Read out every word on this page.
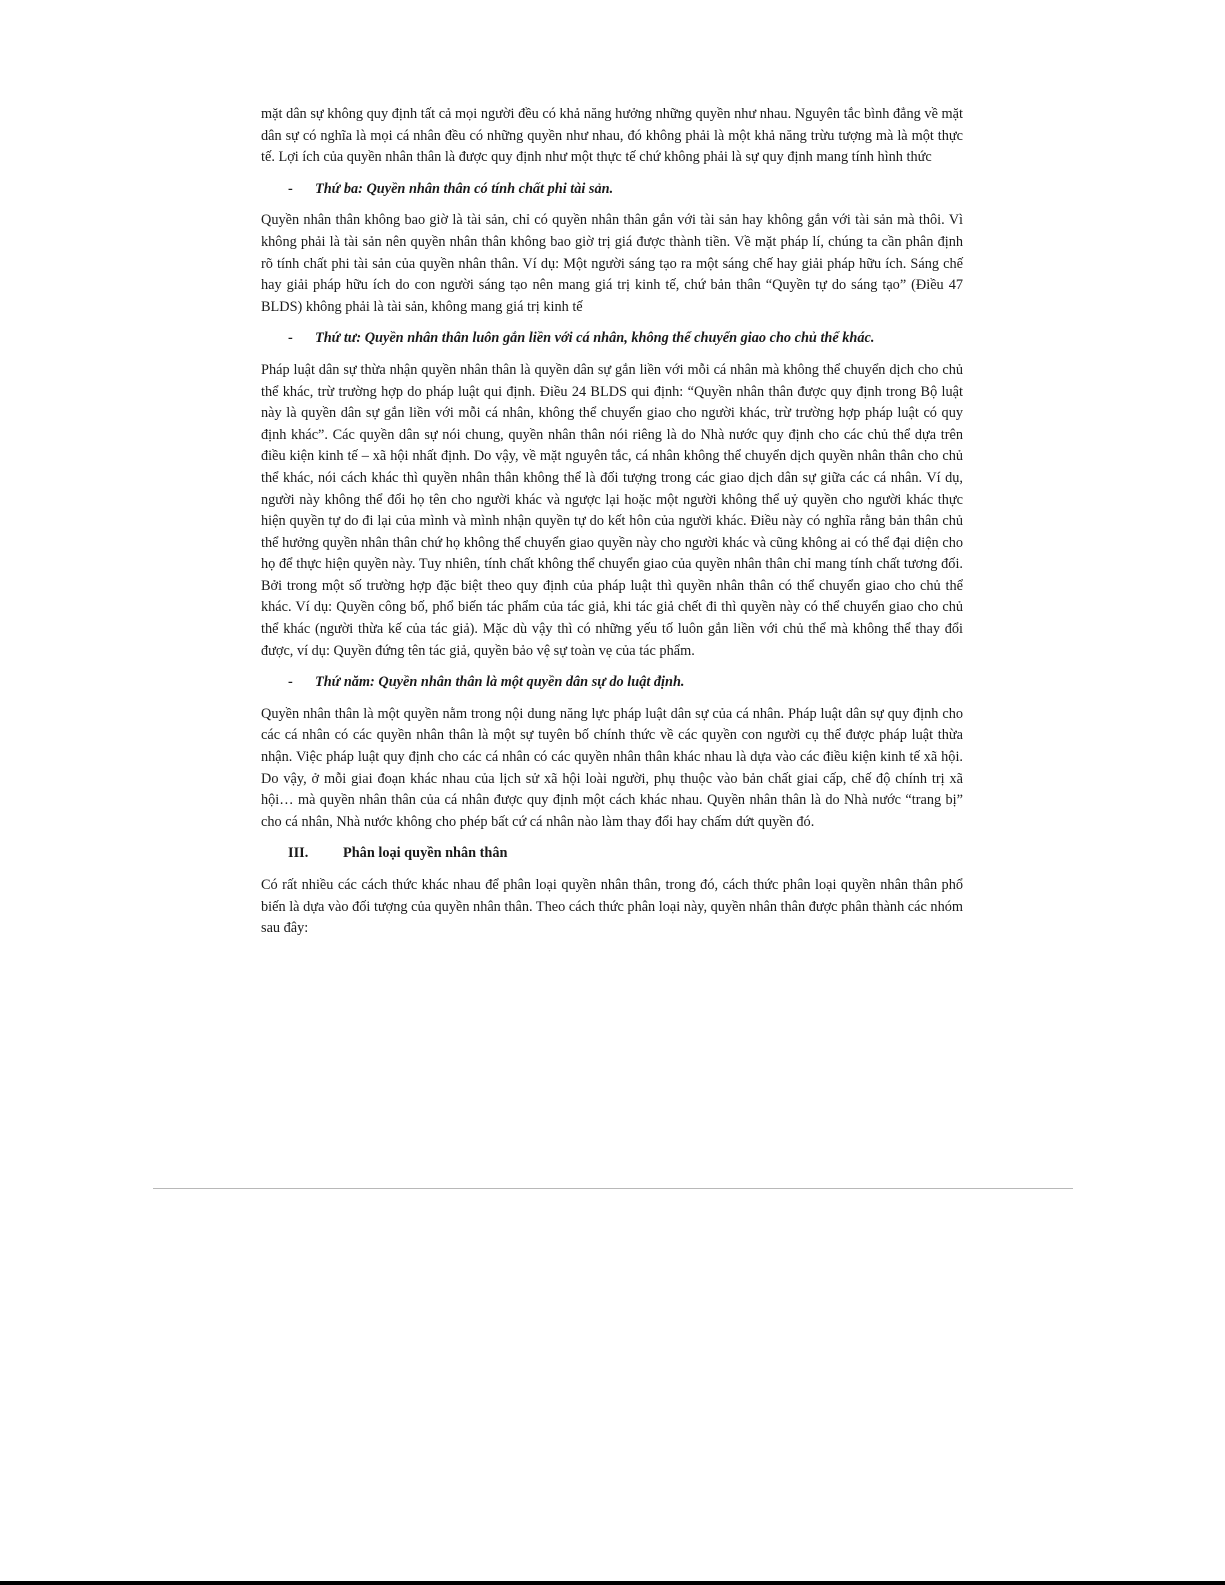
mặt dân sự không quy định tất cả mọi người đều có khả năng hưởng những quyền như nhau. Nguyên tắc bình đẳng về mặt dân sự có nghĩa là mọi cá nhân đều có những quyền như nhau, đó không phải là một khả năng trừu tượng mà là một thực tế. Lợi ích của quyền nhân thân là được quy định như một thực tế chứ không phải là sự quy định mang tính hình thức

- Thứ ba: Quyền nhân thân có tính chất phi tài sản.

Quyền nhân thân không bao giờ là tài sản, chỉ có quyền nhân thân gắn với tài sản hay không gắn với tài sản mà thôi. Vì không phải là tài sản nên quyền nhân thân không bao giờ trị giá được thành tiền. Về mặt pháp lí, chúng ta cần phân định rõ tính chất phi tài sản của quyền nhân thân. Ví dụ: Một người sáng tạo ra một sáng chế hay giải pháp hữu ích. Sáng chế hay giải pháp hữu ích do con người sáng tạo nên mang giá trị kinh tế, chứ bản thân “Quyền tự do sáng tạo” (Điều 47 BLDS) không phải là tài sản, không mang giá trị kinh tế

- Thứ tư: Quyền nhân thân luôn gắn liền với cá nhân, không thể chuyển giao cho chủ thể khác.

Pháp luật dân sự thừa nhận quyền nhân thân là quyền dân sự gắn liền với mỗi cá nhân mà không thể chuyển dịch cho chủ thể khác, trừ trường hợp do pháp luật qui định. Điều 24 BLDS qui định: “Quyền nhân thân được quy định trong Bộ luật này là quyền dân sự gắn liền với mỗi cá nhân, không thể chuyển giao cho người khác, trừ trường hợp pháp luật có quy định khác”. Các quyền dân sự nói chung, quyền nhân thân nói riêng là do Nhà nước quy định cho các chủ thể dựa trên điều kiện kinh tế – xã hội nhất định. Do vậy, về mặt nguyên tắc, cá nhân không thể chuyển dịch quyền nhân thân cho chủ thể khác, nói cách khác thì quyền nhân thân không thể là đối tượng trong các giao dịch dân sự giữa các cá nhân. Ví dụ, người này không thể đổi họ tên cho người khác và ngược lại hoặc một người không thể uỷ quyền cho người khác thực hiện quyền tự do đi lại của mình và mình nhận quyền tự do kết hôn của người khác. Điều này có nghĩa rằng bản thân chủ thể hưởng quyền nhân thân chứ họ không thể chuyển giao quyền này cho người khác và cũng không ai có thể đại diện cho họ để thực hiện quyền này. Tuy nhiên, tính chất không thể chuyển giao của quyền nhân thân chỉ mang tính chất tương đối. Bởi trong một số trường hợp đặc biệt theo quy định của pháp luật thì quyền nhân thân có thể chuyển giao cho chủ thể khác. Ví dụ: Quyền công bố, phổ biến tác phẩm của tác giả, khi tác giả chết đi thì quyền này có thể chuyển giao cho chủ thể khác (người thừa kế của tác giả). Mặc dù vậy thì có những yếu tố luôn gắn liền với chủ thể mà không thể thay đổi được, ví dụ: Quyền đứng tên tác giả, quyền bảo vệ sự toàn vẹ của tác phẩm.

- Thứ năm: Quyền nhân thân là một quyền dân sự do luật định.

Quyền nhân thân là một quyền nằm trong nội dung năng lực pháp luật dân sự của cá nhân. Pháp luật dân sự quy định cho các cá nhân có các quyền nhân thân là một sự tuyên bố chính thức về các quyền con người cụ thể được pháp luật thừa nhận. Việc pháp luật quy định cho các cá nhân có các quyền nhân thân khác nhau là dựa vào các điều kiện kinh tế xã hội. Do vậy, ở mỗi giai đoạn khác nhau của lịch sử xã hội loài người, phụ thuộc vào bản chất giai cấp, chế độ chính trị xã hội… mà quyền nhân thân của cá nhân được quy định một cách khác nhau. Quyền nhân thân là do Nhà nước “trang bị” cho cá nhân, Nhà nước không cho phép bất cứ cá nhân nào làm thay đổi hay chấm dứt quyền đó.

III. Phân loại quyền nhân thân

Có rất nhiều các cách thức khác nhau để phân loại quyền nhân thân, trong đó, cách thức phân loại quyền nhân thân phổ biến là dựa vào đối tượng của quyền nhân thân. Theo cách thức phân loại này, quyền nhân thân được phân thành các nhóm sau đây:
